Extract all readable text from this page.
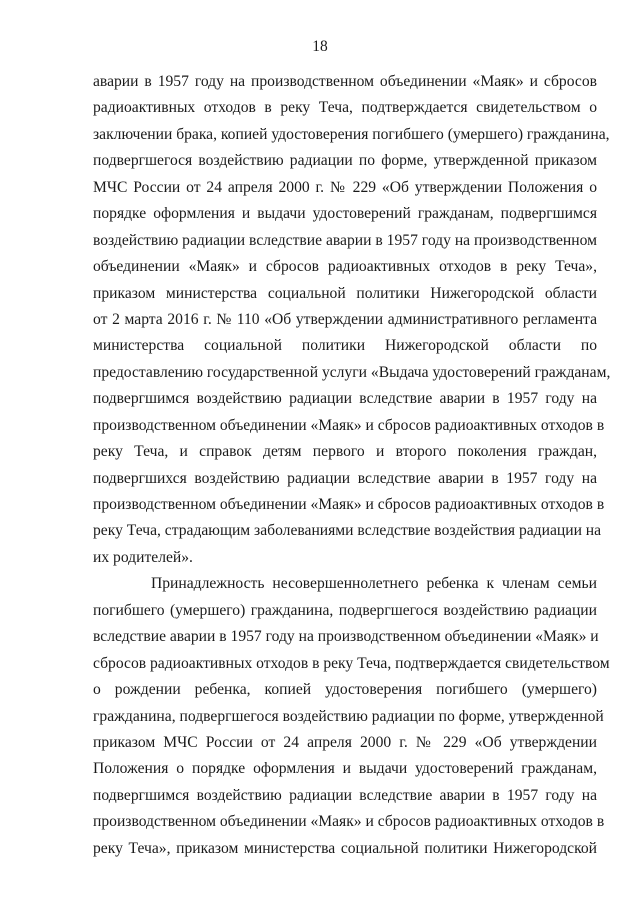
18
аварии в 1957 году на производственном объединении «Маяк» и сбросов
радиоактивных отходов в реку Теча, подтверждается свидетельством о
заключении брака, копией удостоверения погибшего (умершего) гражданина,
подвергшегося воздействию радиации по форме, утвержденной приказом
МЧС России от 24 апреля 2000 г. № 229 «Об утверждении Положения о
порядке оформления и выдачи удостоверений гражданам, подвергшимся
воздействию радиации вследствие аварии в 1957 году на производственном
объединении «Маяк» и сбросов радиоактивных отходов в реку Теча»,
приказом министерства социальной политики Нижегородской области
от 2 марта 2016 г. № 110 «Об утверждении административного регламента
министерства социальной политики Нижегородской области по
предоставлению государственной услуги «Выдача удостоверений гражданам,
подвергшимся воздействию радиации вследствие аварии в 1957 году на
производственном объединении «Маяк» и сбросов радиоактивных отходов в
реку Теча, и справок детям первого и второго поколения граждан,
подвергшихся воздействию радиации вследствие аварии в 1957 году на
производственном объединении «Маяк» и сбросов радиоактивных отходов в
реку Теча, страдающим заболеваниями вследствие воздействия радиации на
их родителей».
Принадлежность несовершеннолетнего ребенка к членам семьи
погибшего (умершего) гражданина, подвергшегося воздействию радиации
вследствие аварии в 1957 году на производственном объединении «Маяк» и
сбросов радиоактивных отходов в реку Теча, подтверждается свидетельством
о рождении ребенка, копией удостоверения погибшего (умершего)
гражданина, подвергшегося воздействию радиации по форме, утвержденной
приказом МЧС России от 24 апреля 2000 г. № 229 «Об утверждении
Положения о порядке оформления и выдачи удостоверений гражданам,
подвергшимся воздействию радиации вследствие аварии в 1957 году на
производственном объединении «Маяк» и сбросов радиоактивных отходов в
реку Теча», приказом министерства социальной политики Нижегородской
